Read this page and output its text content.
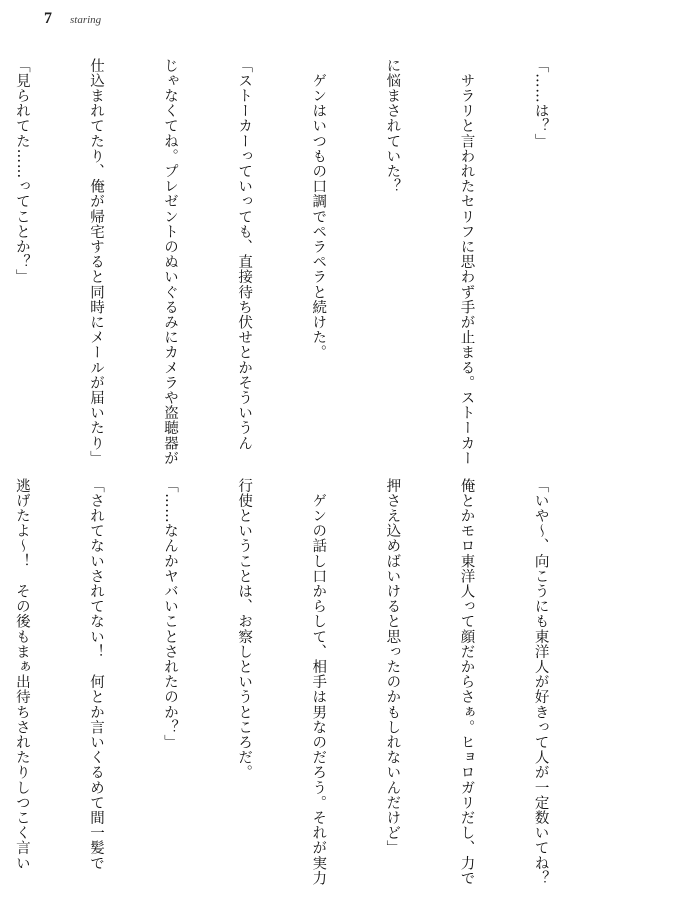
7 staring

「……は？」

　サラリと言われたセリフに思わず手が止まる。ストーカー

に悩まされていた？

　ゲンはいつもの口調でペラペラと続けた。

「ストーカーっていっても、直接待ち伏せとかそういうん

じゃなくてね。プレゼントのぬいぐるみにカメラや盗聴器が

仕込まれてたり、俺が帰宅すると同時にメールが届いたり」

「見られてた……ってことか？」

「いや～、向こうにも東洋人が好きって人が一定数いてね？

俺とかモロ東洋人って顔だからさぁ。ヒョロガリだし、力で

押さえ込めばいけると思ったのかもしれないんだけど」

　ゲンの話し口からして、相手は男なのだろう。それが実力

行使ということは、お察しというところだ。

「……なんかヤバいことされたのか？」

「されてないされてない！　何とか言いくるめて間一髪で

逃げたよ～！　その後もまぁ出待ちされたりしつこく言い
